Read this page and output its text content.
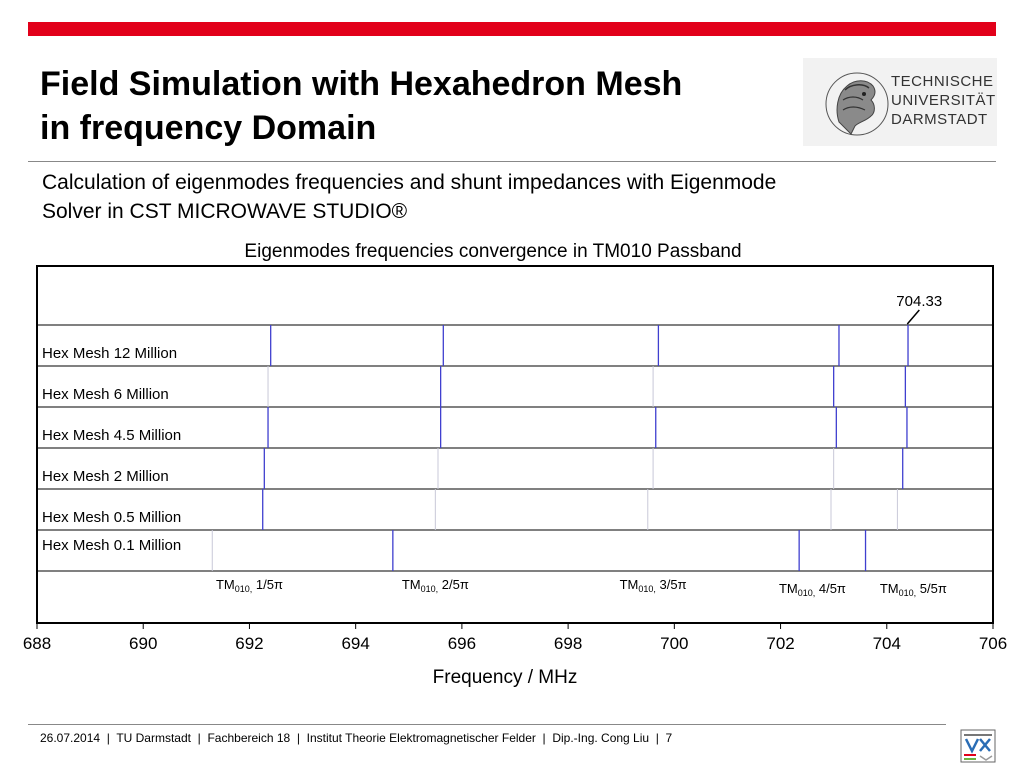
Field Simulation with Hexahedron Mesh
in frequency Domain
TECHNISCHE
UNIVERSITÄT
DARMSTADT

Calculation of eigenmodes frequencies and shunt impedances with Eigenmode
Solver in CST MICROWAVE STUDIO®

Eigenmodes frequencies convergence in TM010 Passband
Hex Mesh 12 Million
Hex Mesh 6 Million
Hex Mesh 4.5 Million
Hex Mesh 2 Million
Hex Mesh 0.5 Million
Hex Mesh 0.1 Million
704.33
$TM_{010,}$ 1/5π	$TM_{010,}$ 2/5π	$TM_{010,}$ 3/5π	$TM_{010,}$ 4/5π	$TM_{010,}$ 5/5π
688	690	692	694	696	698	700	702	704	706
Frequency / MHz
26.07.2014 | TU Darmstadt | Fachbereich 18 | Institut Theorie Elektromagnetischer Felder | Dip.-Ing. Cong Liu | 7
